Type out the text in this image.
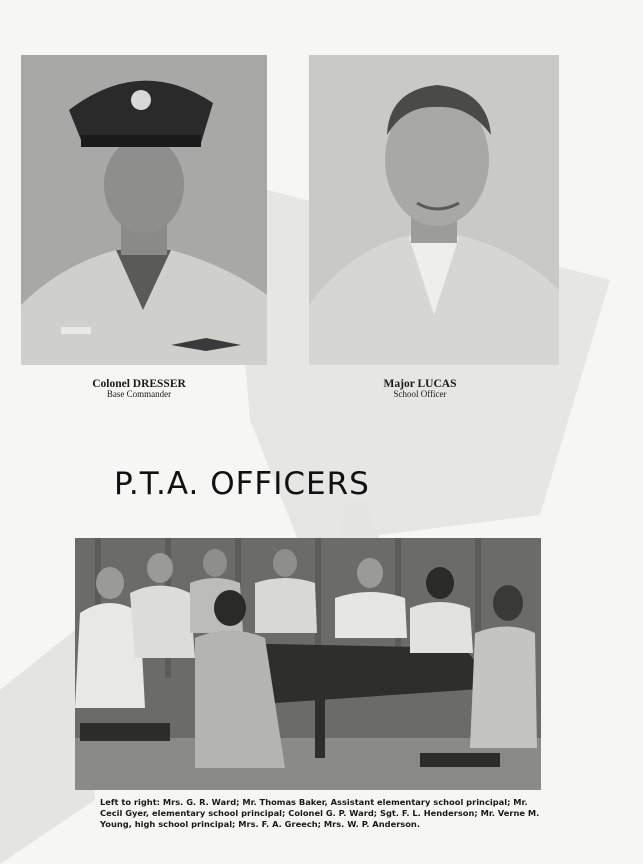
Colonel DRESSER
Base Commander
Major LUCAS
School Officer
P.T.A. OFFICERS
Left to right: Mrs. G. R. Ward; Mr. Thomas Baker, Assistant elementary school principal; Mr. Cecil Gyer, elementary school principal; Colonel G. P. Ward; Sgt. F. L. Henderson; Mr. Verne M. Young, high school principal; Mrs. F. A. Greech; Mrs. W. P. Anderson.
